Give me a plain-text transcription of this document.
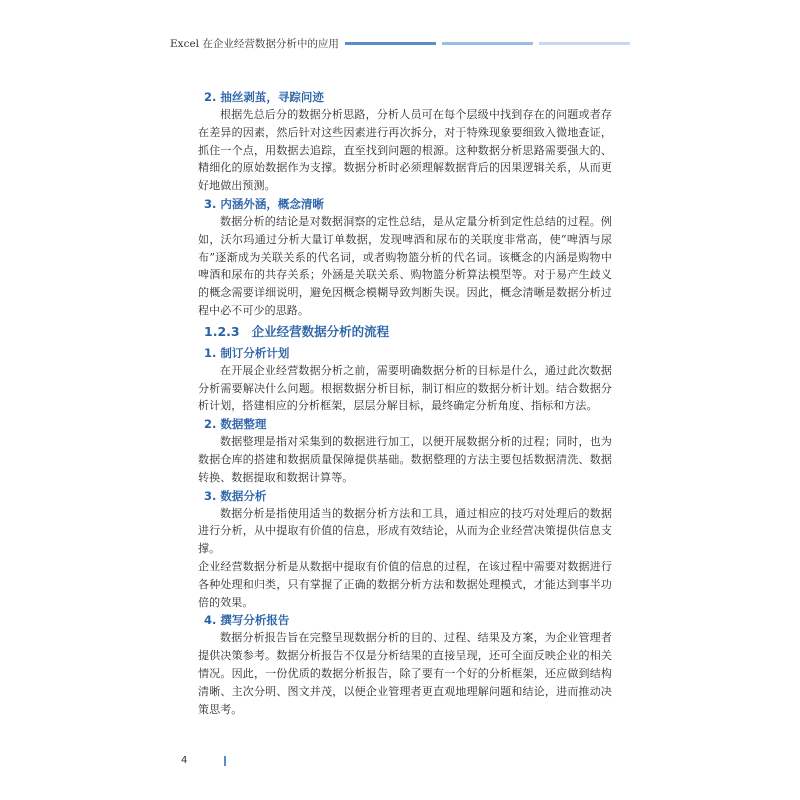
Excel 在企业经营数据分析中的应用
2. 抽丝剥茧，寻踪问迹

根据先总后分的数据分析思路，分析人员可在每个层级中找到存在的问题或者存在差异的因素，然后针对这些因素进行再次拆分，对于特殊现象要细致入微地查证，抓住一个点，用数据去追踪，直至找到问题的根源。这种数据分析思路需要强大的、精细化的原始数据作为支撑。数据分析时必须理解数据背后的因果逻辑关系，从而更好地做出预测。

3. 内涵外涵，概念清晰

数据分析的结论是对数据洞察的定性总结，是从定量分析到定性总结的过程。例如，沃尔玛通过分析大量订单数据，发现啤酒和尿布的关联度非常高，使“啤酒与尿布”逐渐成为关联关系的代名词，或者购物篮分析的代名词。该概念的内涵是购物中啤酒和尿布的共存关系；外涵是关联关系、购物篮分析算法模型等。对于易产生歧义的概念需要详细说明，避免因概念模糊导致判断失误。因此，概念清晰是数据分析过程中必不可少的思路。

1.2.3 企业经营数据分析的流程
1. 制订分析计划

在开展企业经营数据分析之前，需要明确数据分析的目标是什么，通过此次数据分析需要解决什么问题。根据数据分析目标，制订相应的数据分析计划。结合数据分析计划，搭建相应的分析框架，层层分解目标，最终确定分析角度、指标和方法。

2. 数据整理

数据整理是指对采集到的数据进行加工，以便开展数据分析的过程；同时，也为数据仓库的搭建和数据质量保障提供基础。数据整理的方法主要包括数据清洗、数据转换、数据提取和数据计算等。

3. 数据分析

数据分析是指使用适当的数据分析方法和工具，通过相应的技巧对处理后的数据进行分析，从中提取有价值的信息，形成有效结论，从而为企业经营决策提供信息支撑。

企业经营数据分析是从数据中提取有价值的信息的过程，在该过程中需要对数据进行各种处理和归类，只有掌握了正确的数据分析方法和数据处理模式，才能达到事半功倍的效果。

4. 撰写分析报告

数据分析报告旨在完整呈现数据分析的目的、过程、结果及方案，为企业管理者提供决策参考。数据分析报告不仅是分析结果的直接呈现，还可全面反映企业的相关情况。因此，一份优质的数据分析报告，除了要有一个好的分析框架，还应做到结构清晰、主次分明、图文并茂，以便企业管理者更直观地理解问题和结论，进而推动决策思考。

4
